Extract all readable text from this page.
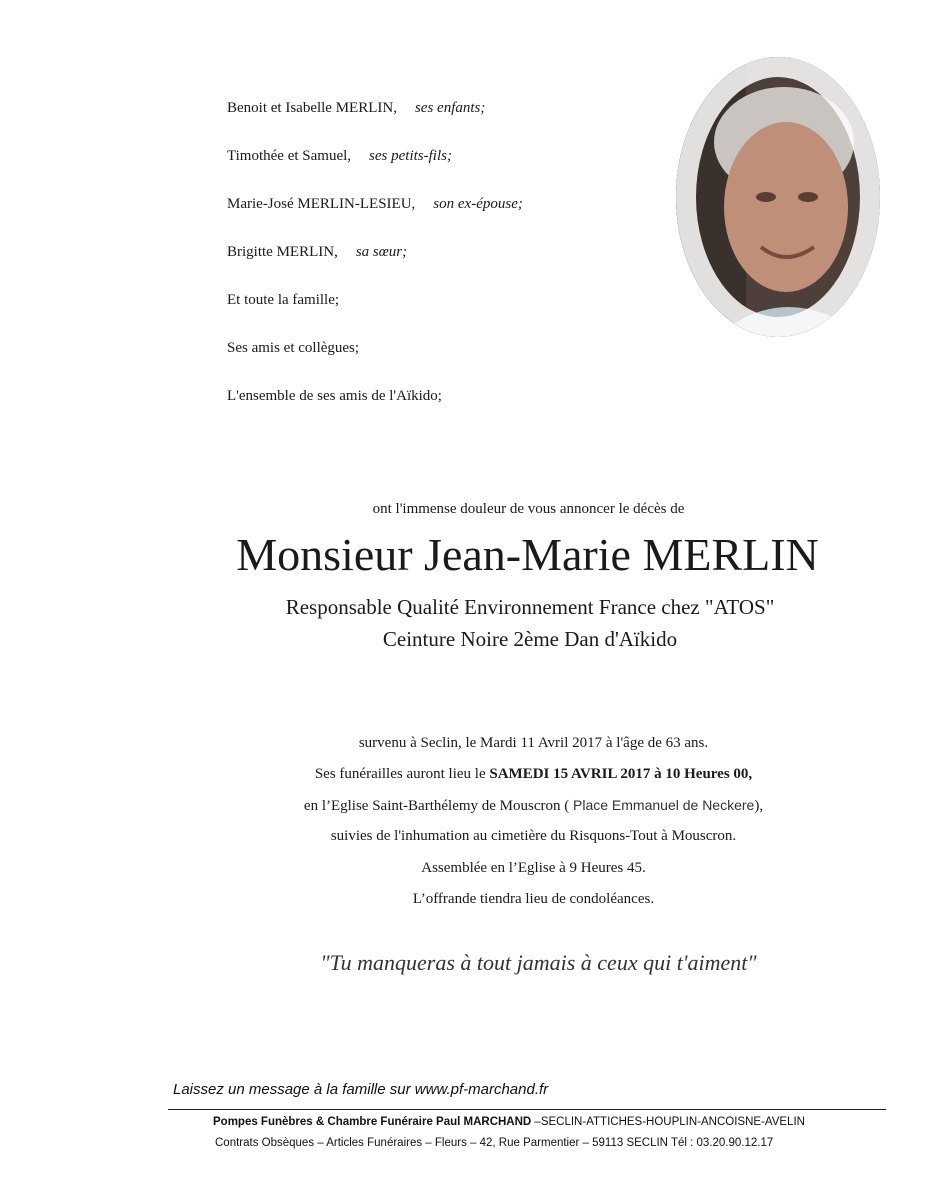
Benoit et Isabelle MERLIN, ses enfants;
Timothée et Samuel, ses petits-fils;
Marie-José MERLIN-LESIEU, son ex-épouse;
Brigitte MERLIN, sa sœur;
Et toute la famille;
Ses amis et collègues;
L'ensemble de ses amis de l'Aïkido;
ont l'immense douleur de vous annoncer le décès de
Monsieur Jean-Marie MERLIN
Responsable Qualité Environnement France chez "ATOS"
Ceinture Noire 2ème Dan d'Aïkido
survenu à Seclin, le Mardi 11 Avril 2017 à l'âge de 63 ans.
Ses funérailles auront lieu le SAMEDI 15 AVRIL 2017 à 10 Heures 00,
en l’Eglise Saint-Barthélemy de Mouscron ( Place Emmanuel de Neckere),
suivies de l'inhumation au cimetière du Risquons-Tout à Mouscron.
Assemblée en l’Eglise à 9 Heures 45.
L’offrande tiendra lieu de condoléances.
"Tu manqueras à tout jamais à ceux qui t'aiment"
Laissez un message à la famille sur www.pf-marchand.fr
Pompes Funèbres & Chambre Funéraire Paul MARCHAND –SECLIN-ATTICHES-HOUPLIN-ANCOISNE-AVELIN
Contrats Obsèques – Articles Funéraires – Fleurs – 42, Rue Parmentier – 59113 SECLIN Tél : 03.20.90.12.17
